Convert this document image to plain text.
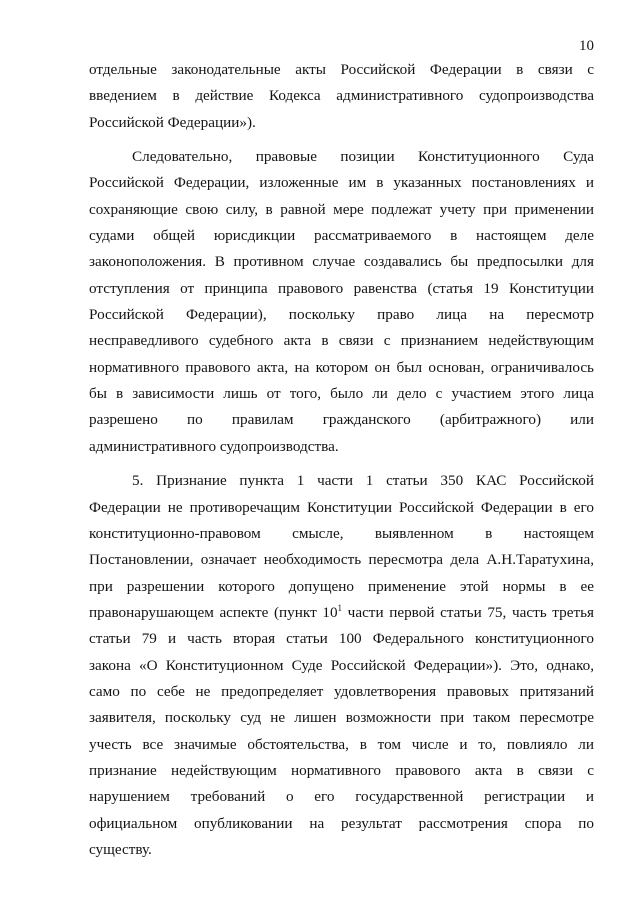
10
отдельные законодательные акты Российской Федерации в связи с
введением в действие Кодекса административного судопроизводства
Российской Федерации»).
Следовательно, правовые позиции Конституционного Суда
Российской Федерации, изложенные им в указанных постановлениях и
сохраняющие свою силу, в равной мере подлежат учету при применении
судами общей юрисдикции рассматриваемого в настоящем деле
законоположения. В противном случае создавались бы предпосылки для
отступления от принципа правового равенства (статья 19 Конституции
Российской Федерации), поскольку право лица на пересмотр
несправедливого судебного акта в связи с признанием недействующим
нормативного правового акта, на котором он был основан, ограничивалось
бы в зависимости лишь от того, было ли дело с участием этого лица
разрешено по правилам гражданского (арбитражного) или
административного судопроизводства.
5. Признание пункта 1 части 1 статьи 350 КАС Российской
Федерации не противоречащим Конституции Российской Федерации в его
конституционно-правовом смысле, выявленном в настоящем
Постановлении, означает необходимость пересмотра дела А.Н.Таратухина,
при разрешении которого допущено применение этой нормы в ее
правонарушающем аспекте (пункт $10^1$ части первой статьи 75, часть третья
статьи 79 и часть вторая статьи 100 Федерального конституционного
закона «О Конституционном Суде Российской Федерации»). Это, однако,
само по себе не предопределяет удовлетворения правовых притязаний
заявителя, поскольку суд не лишен возможности при таком пересмотре
учесть все значимые обстоятельства, в том числе и то, повлияло ли
признание недействующим нормативного правового акта в связи с
нарушением требований о его государственной регистрации и
официальном опубликовании на результат рассмотрения спора по
существу.
